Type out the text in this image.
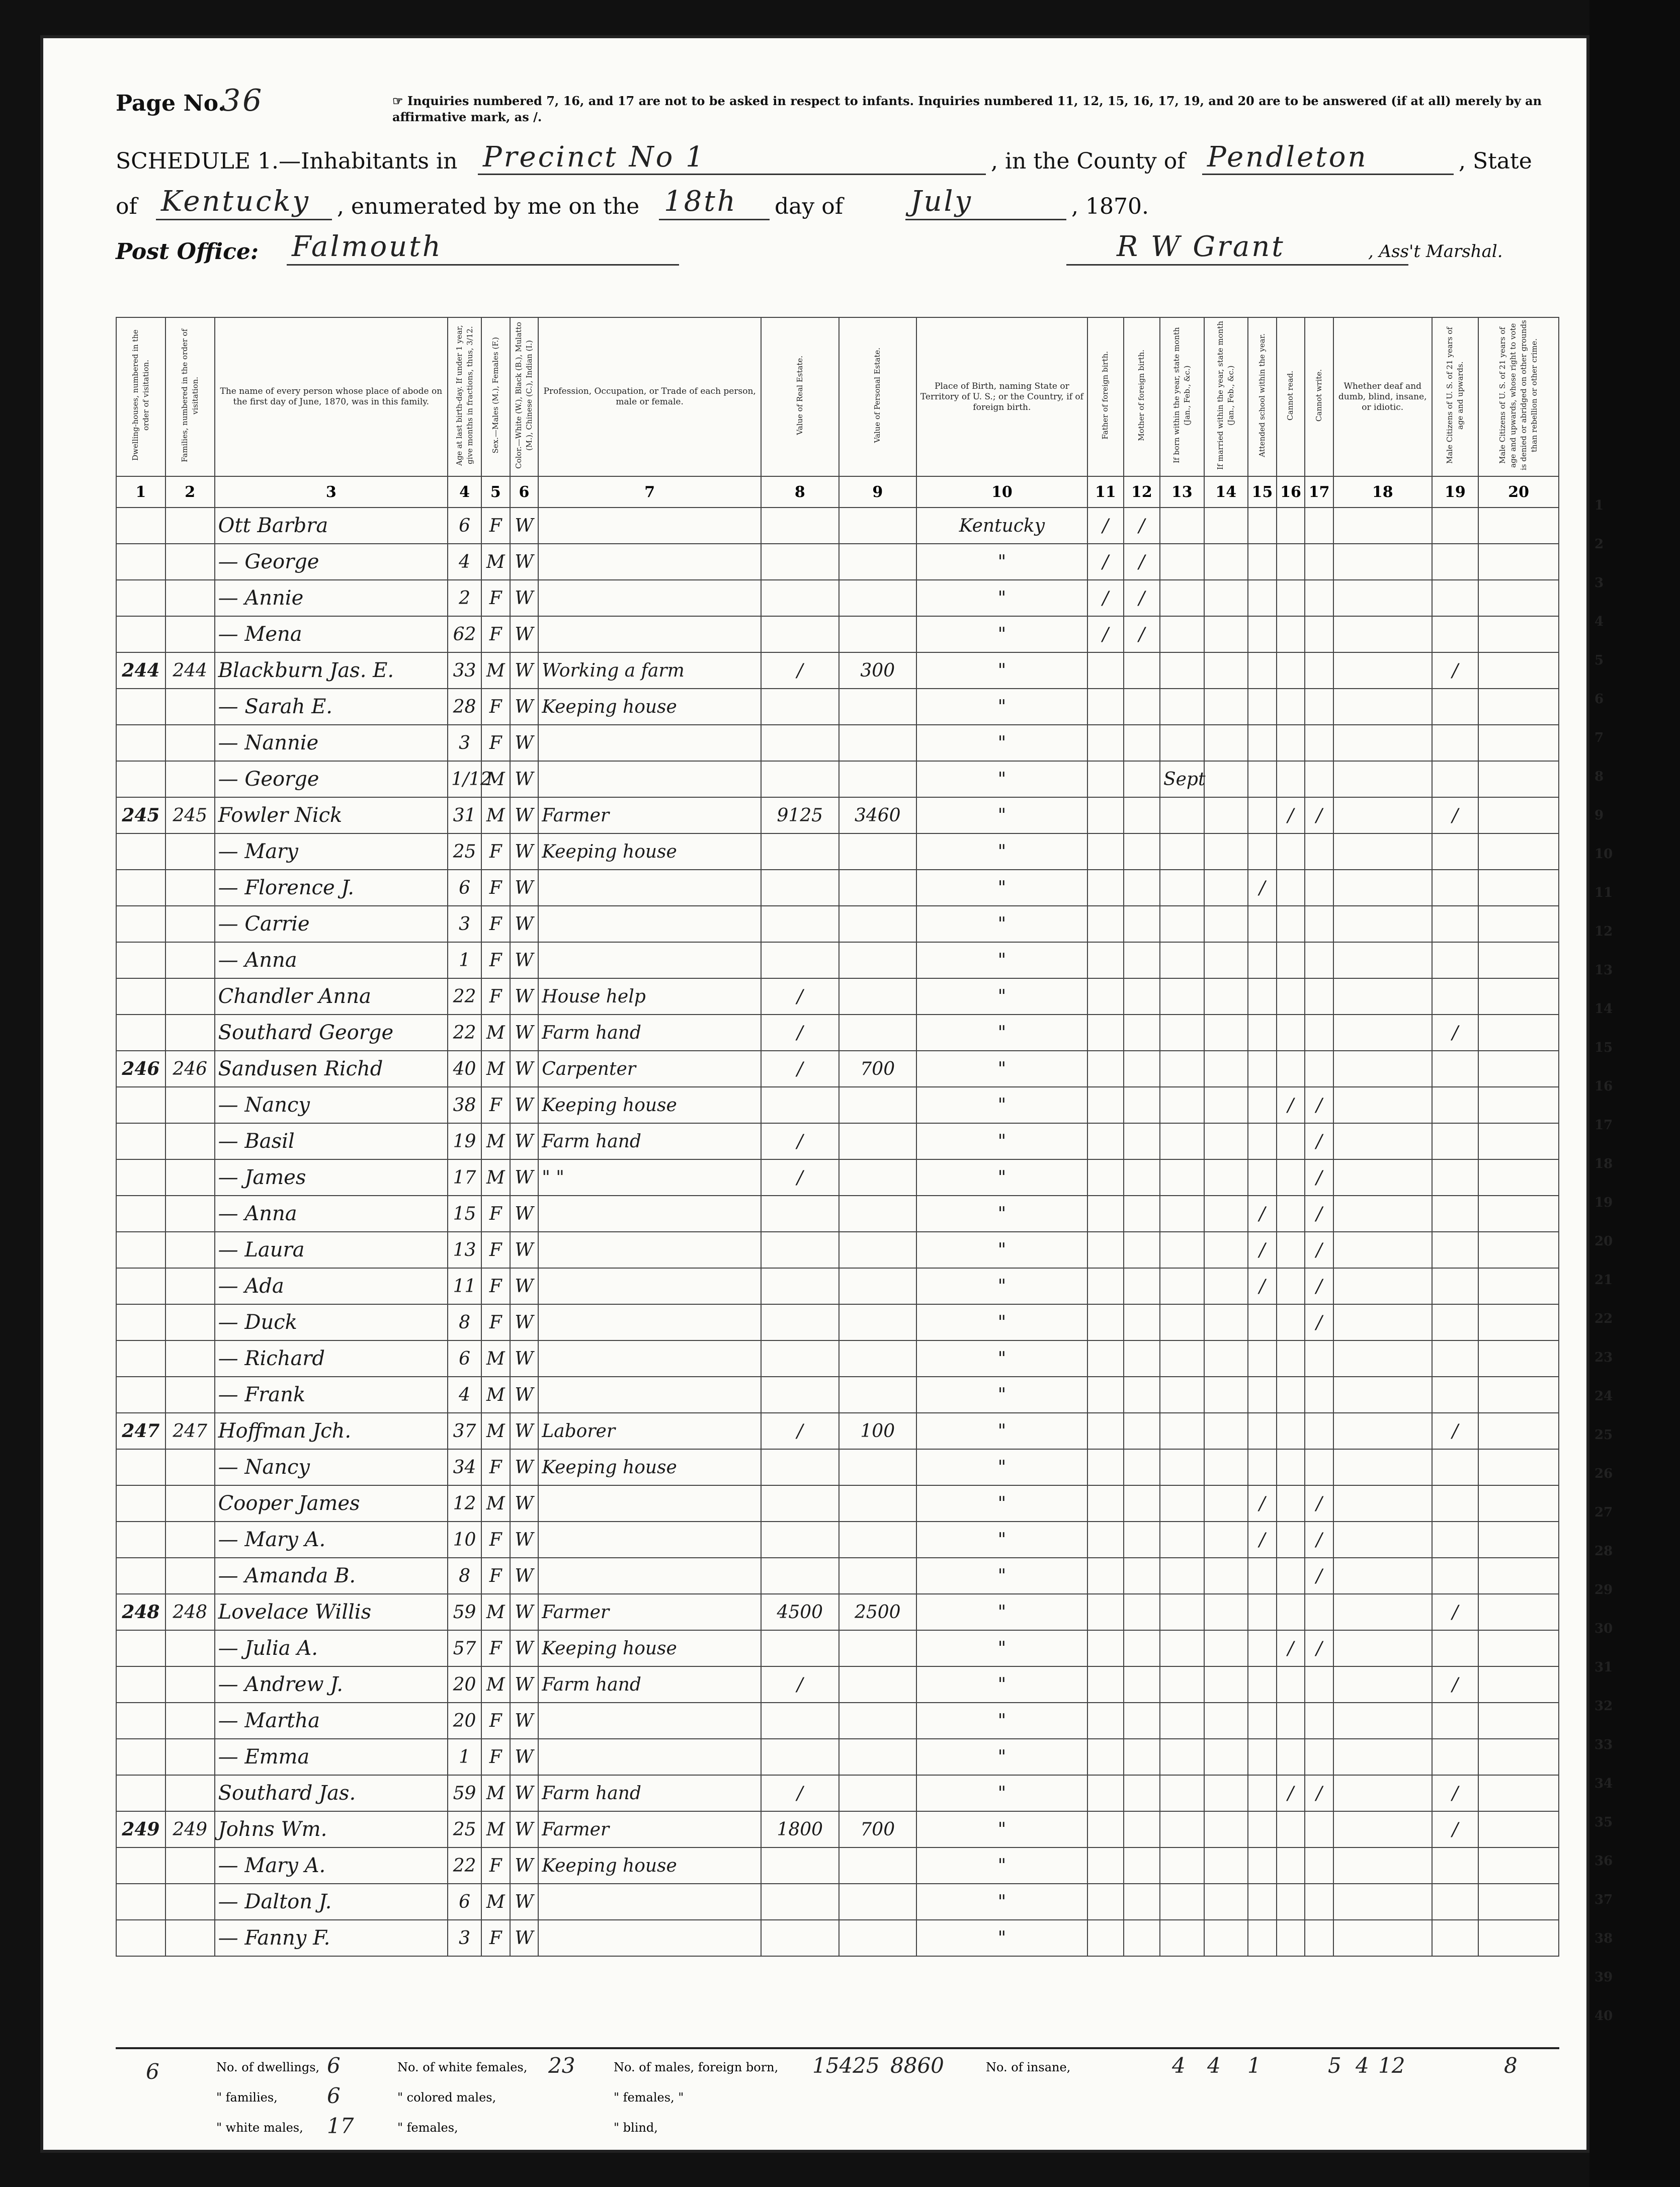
Page No.
36	☞ Inquiries numbered 7, 16, and 17 are not to be asked in respect to infants. Inquiries numbered 11, 12, 15, 16, 17, 19, and 20 are to be answered (if at all) merely by an affirmative mark, as /.
SCHEDULE 1.—Inhabitants in Precinct No 1	, in the County of Pendleton	, State
of Kentucky , enumerated by me on the 18th day of July	, 1870.
Post Office: Falmouth	R W Grant	, Ass't Marshal.
Dwelling-houses, numbered in the order of visitation.	Families, numbered in the order of visitation.	The name of every person whose place of abode on the first day of June, 1870, was in this family.	Age at last birth-day. If under 1 year, give months in fractions, thus, 3/12.	Sex.—Males (M.), Females (F.)	Color.—White (W.), Black (B.), Mulatto (M.), Chinese (C.), Indian (I.)	Profession, Occupation, or Trade of each person, male or female.	Value of Real Estate.	Value of Personal Estate.	Place of Birth, naming State or Territory of U. S.; or the Country, if of foreign birth.	Father of foreign birth.	Mother of foreign birth.	If born within the year, state month (Jan., Feb., &c.)	If married within the year, state month (Jan., Feb., &c.)	Attended school within the year.	Cannot read.	Cannot write.	Whether deaf and dumb, blind, insane, or idiotic.	Male Citizens of U. S. of 21 years of age and upwards.	Male Citizens of U. S. of 21 years of age and upwards, whose right to vote is denied or abridged on other grounds than rebellion or other crime.
1	2	3	4	5	6	7	8	9	10	11	12	13	14	15	16	17	18	19	20
		Ott Barbra	6	F	W				Kentucky	/	/								
		— George	4	M	W				"	/	/								
		— Annie	2	F	W				"	/	/								
		— Mena	62	F	W				"	/	/								
244	244	Blackburn Jas. E.	33	M	W	Working a farm	/	300	"									/	
		— Sarah E.	28	F	W	Keeping house			"										
		— Nannie	3	F	W				"										
		— George	1/12	M	W				"			Sept							
245	245	Fowler Nick	31	M	W	Farmer	9125	3460	"						/	/		/	
		— Mary	25	F	W	Keeping house			"										
		— Florence J.	6	F	W				"					/					
		— Carrie	3	F	W				"										
		— Anna	1	F	W				"										
		Chandler Anna	22	F	W	House help	/		"										
		Southard George	22	M	W	Farm hand	/		"									/	
246	246	Sandusen Richd	40	M	W	Carpenter	/	700	"										
		— Nancy	38	F	W	Keeping house			"						/	/			
		— Basil	19	M	W	Farm hand	/		"							/			
		— James	17	M	W	" "	/		"							/			
		— Anna	15	F	W				"					/		/			
		— Laura	13	F	W				"					/		/			
		— Ada	11	F	W				"					/		/			
		— Duck	8	F	W				"							/			
		— Richard	6	M	W				"										
		— Frank	4	M	W				"										
247	247	Hoffman Jch.	37	M	W	Laborer	/	100	"									/	
		— Nancy	34	F	W	Keeping house			"										
		Cooper James	12	M	W				"					/		/			
		— Mary A.	10	F	W				"					/		/			
		— Amanda B.	8	F	W				"							/			
248	248	Lovelace Willis	59	M	W	Farmer	4500	2500	"									/	
		— Julia A.	57	F	W	Keeping house			"						/	/			
		— Andrew J.	20	M	W	Farm hand	/		"									/	
		— Martha	20	F	W				"										
		— Emma	1	F	W				"										
		Southard Jas.	59	M	W	Farm hand	/		"						/	/		/	
249	249	Johns Wm.	25	M	W	Farmer	1800	700	"									/	
		— Mary A.	22	F	W	Keeping house			"										
		— Dalton J.	6	M	W				"										
		— Fanny F.	3	F	W				"										
6	No. of dwellings, 6
" families, 6
" white males, 17
No. of white females, 23
" colored males,
" females,
No. of males, foreign born,
" females, "
" blind,
15425 8860	No. of insane,	4 4 1	5 4 12	8
1
2
3
4
5
6
7
8
9
10
11
12
13
14
15
16
17
18
19
20
21
22
23
24
25
26
27
28
29
30
31
32
33
34
35
36
37
38
39
40
